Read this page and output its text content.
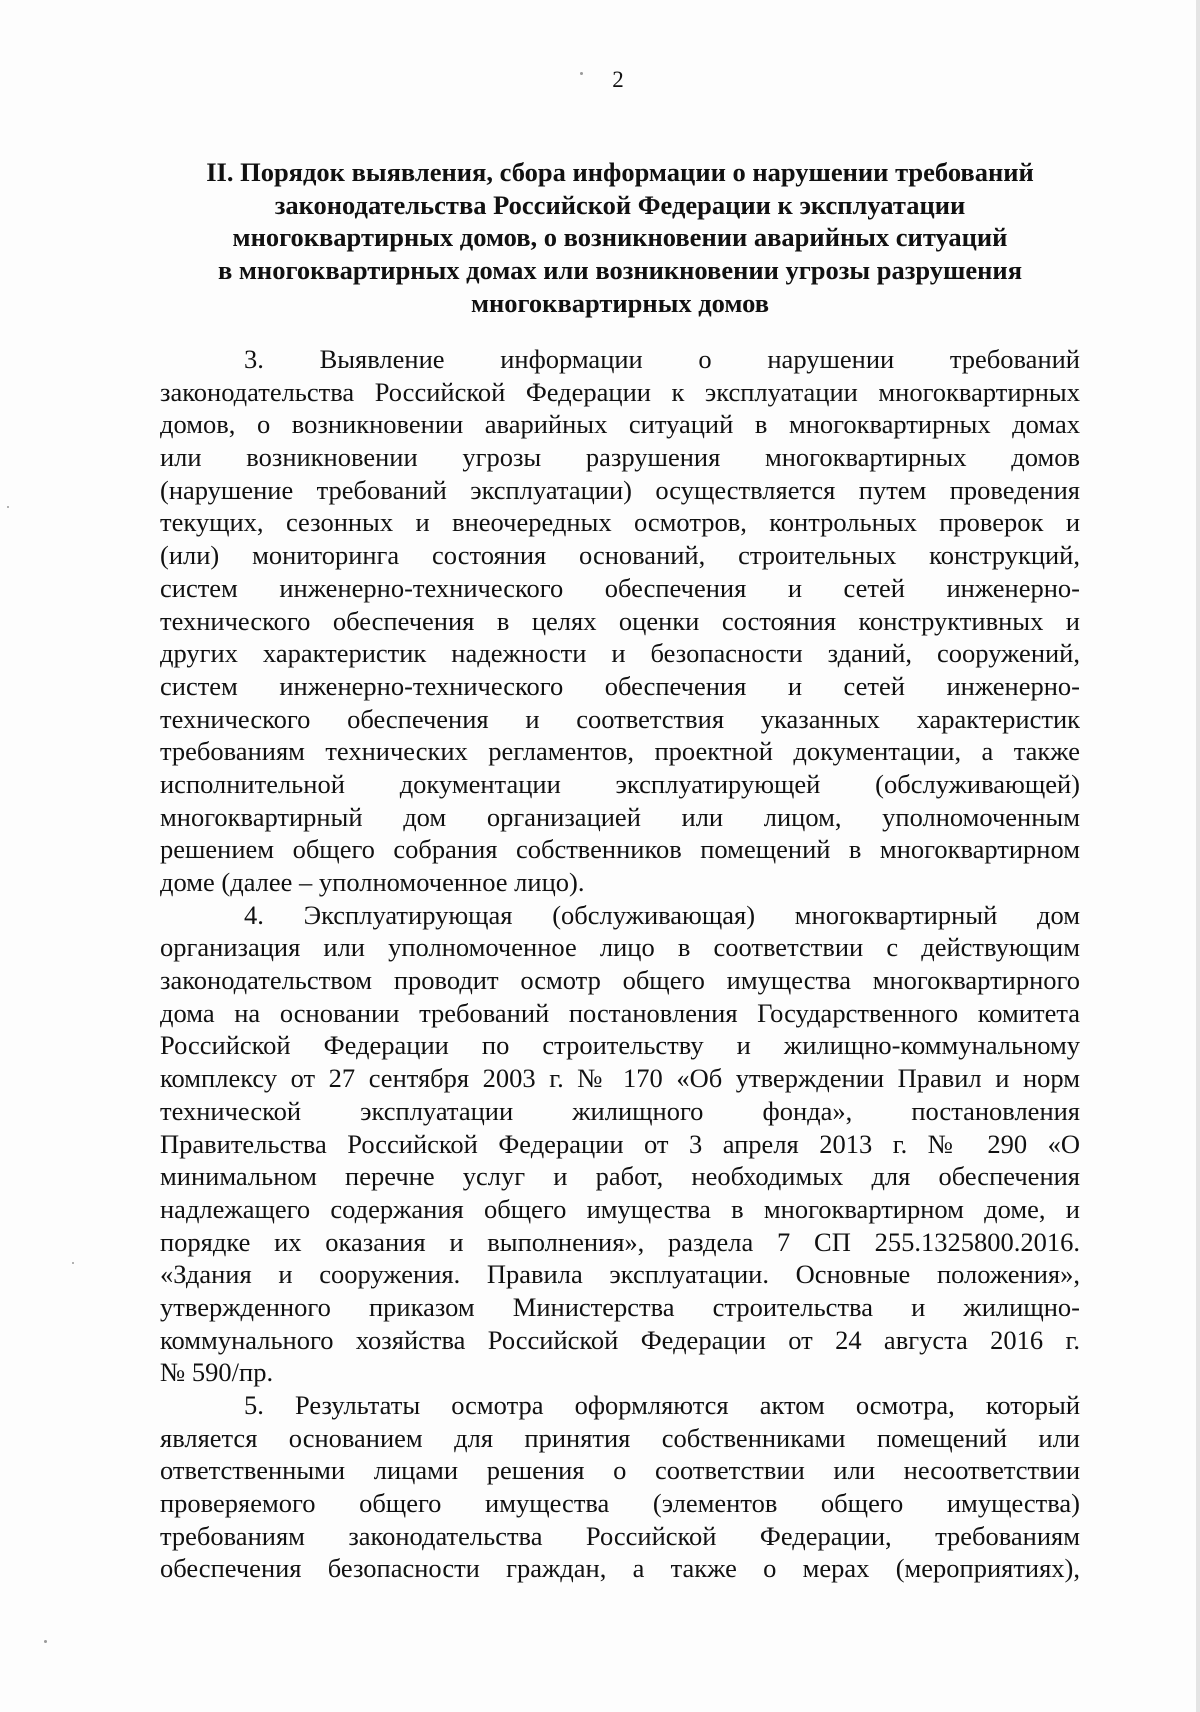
2
II. Порядок выявления, сбора информации о нарушении требований
законодательства Российской Федерации к эксплуатации
многоквартирных домов, о возникновении аварийных ситуаций
в многоквартирных домах или возникновении угрозы разрушения
многоквартирных домов
3. Выявление информации о нарушении требований
законодательства Российской Федерации к эксплуатации многоквартирных
домов, о возникновении аварийных ситуаций в многоквартирных домах
или возникновении угрозы разрушения многоквартирных домов
(нарушение требований эксплуатации) осуществляется путем проведения
текущих, сезонных и внеочередных осмотров, контрольных проверок и
(или) мониторинга состояния оснований, строительных конструкций,
систем инженерно-технического обеспечения и сетей инженерно-
технического обеспечения в целях оценки состояния конструктивных и
других характеристик надежности и безопасности зданий, сооружений,
систем инженерно-технического обеспечения и сетей инженерно-
технического обеспечения и соответствия указанных характеристик
требованиям технических регламентов, проектной документации, а также
исполнительной документации эксплуатирующей (обслуживающей)
многоквартирный дом организацией или лицом, уполномоченным
решением общего собрания собственников помещений в многоквартирном
доме (далее – уполномоченное лицо).
4. Эксплуатирующая (обслуживающая) многоквартирный дом
организация или уполномоченное лицо в соответствии с действующим
законодательством проводит осмотр общего имущества многоквартирного
дома на основании требований постановления Государственного комитета
Российской Федерации по строительству и жилищно-коммунальному
комплексу от 27 сентября 2003 г. № 170 «Об утверждении Правил и норм
технической эксплуатации жилищного фонда», постановления
Правительства Российской Федерации от 3 апреля 2013 г. № 290 «О
минимальном перечне услуг и работ, необходимых для обеспечения
надлежащего содержания общего имущества в многоквартирном доме, и
порядке их оказания и выполнения», раздела 7 СП 255.1325800.2016.
«Здания и сооружения. Правила эксплуатации. Основные положения»,
утвержденного приказом Министерства строительства и жилищно-
коммунального хозяйства Российской Федерации от 24 августа 2016 г.
№ 590/пр.
5. Результаты осмотра оформляются актом осмотра, который
является основанием для принятия собственниками помещений или
ответственными лицами решения о соответствии или несоответствии
проверяемого общего имущества (элементов общего имущества)
требованиям законодательства Российской Федерации, требованиям
обеспечения безопасности граждан, а также о мерах (мероприятиях),
